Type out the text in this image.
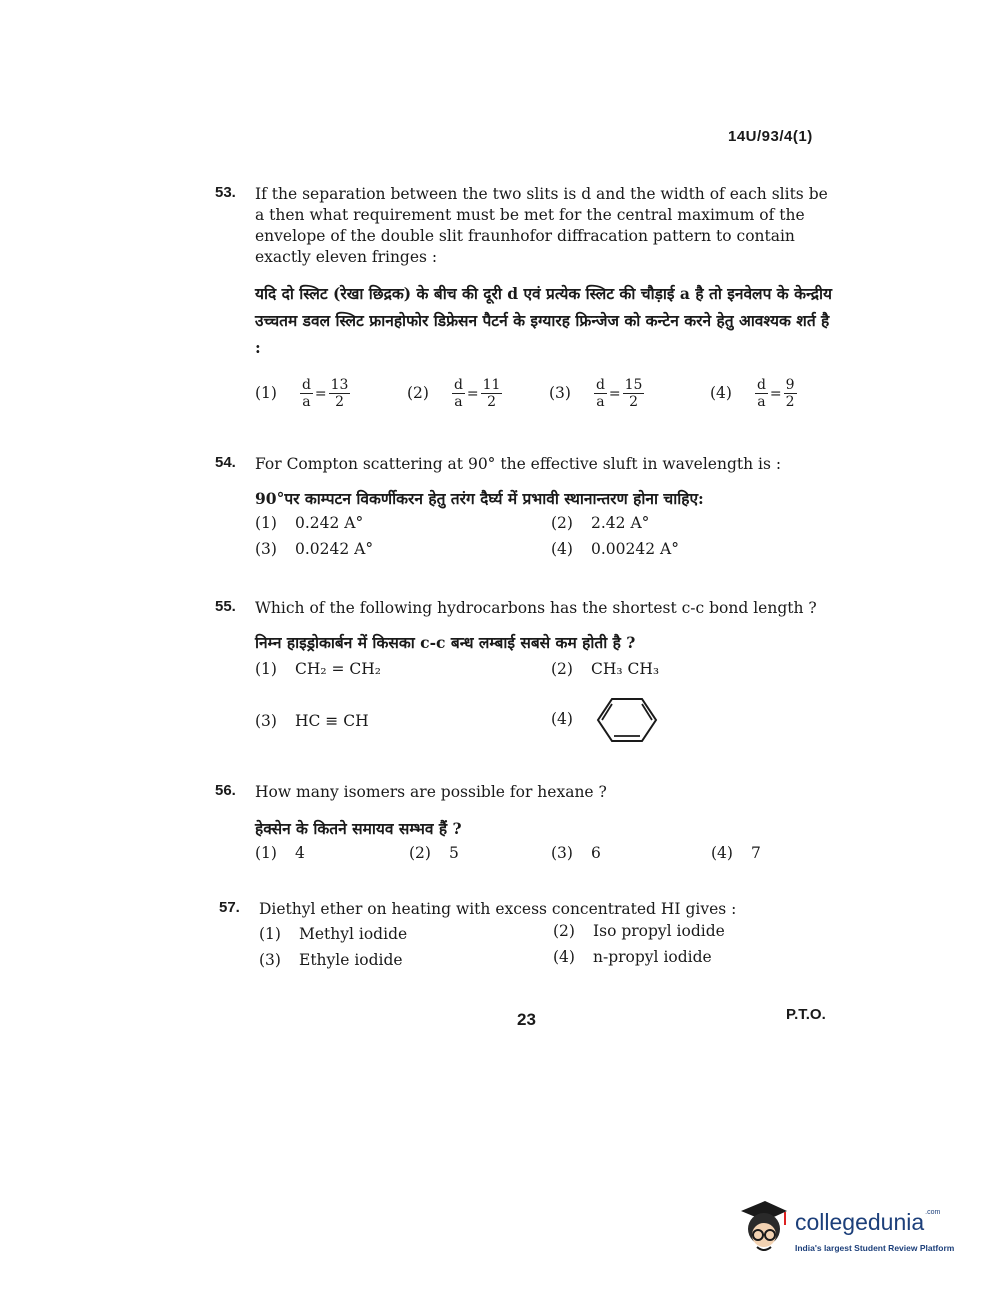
14U/93/4(1)
53. If the separation between the two slits is d and the width of each slits be a then what requirement must be met for the central maximum of the envelope of the double slit fraunhofor diffracation pattern to contain exactly eleven fringes :
यदि दो स्लिट (रेखा छिद्रक) के बीच की दूरी d एवं प्रत्येक स्लिट की चौड़ाई a है तो इनवेलप के केन्द्रीय उच्चतम डवल स्लिट फ्रानहोफोर डिफ्रेसन पैटर्न के इग्यारह फ्रिन्जेज को कन्टेन करने हेतु आवश्यक शर्त है :
$(1) \frac{d}{a} = \frac{13}{2}$	$(2) \frac{d}{a} = \frac{11}{2}$	$(3) \frac{d}{a} = \frac{15}{2}$	$(4) \frac{d}{a} = \frac{9}{2}$
54. For Compton scattering at 90° the effective sluft in wavelength is :
90°पर काम्पटन विकर्णीकरन हेतु तरंग दैर्घ्य में प्रभावी स्थानान्तरण होना चाहिए:
(1) 0.242 A°	(2) 2.42 A°
(3) 0.0242 A°	(4) 0.00242 A°
55. Which of the following hydrocarbons has the shortest c-c bond length ?
निम्न हाइड्रोकार्बन में किसका c-c बन्ध लम्बाई सबसे कम होती है ?
(1) CH₂ = CH₂	(2) CH₃ CH₃
(3) HC ≡ CH	(4)
56. How many isomers are possible for hexane ?
हेक्सेन के कितने समायव सम्भव हैं ?
(1) 4	(2) 5	(3) 6	(4) 7
57. Diethyl ether on heating with excess concentrated HI gives :
(1) Methyl iodide	(2) Iso propyl iodide
(3) Ethyle iodide	(4) n-propyl iodide
23	P.T.O.
collegedunia$^{.com}$
India's largest Student Review Platform
